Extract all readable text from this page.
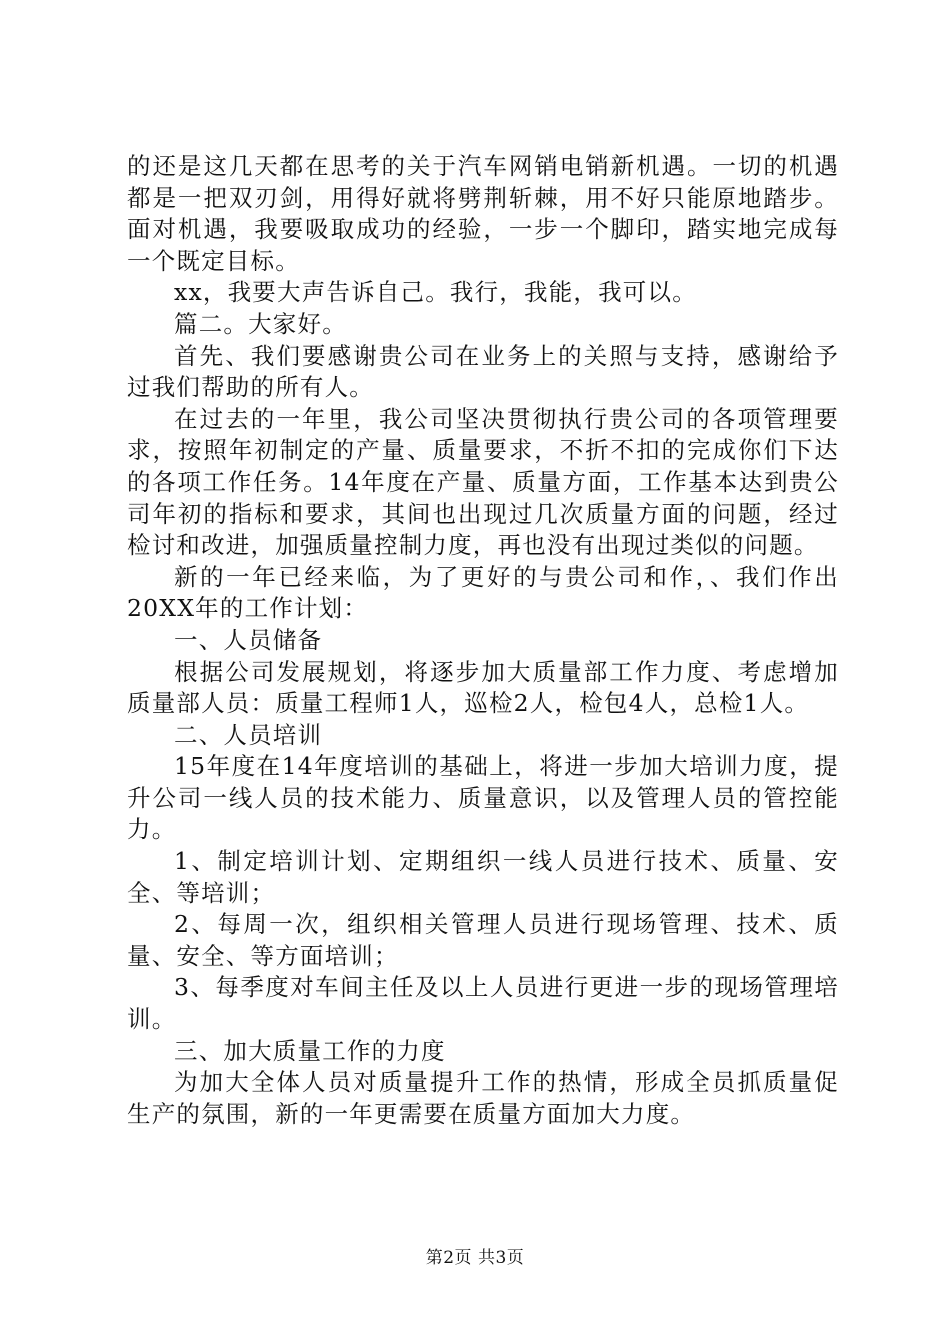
的还是这几天都在思考的关于汽车网销电销新机遇。一切的机遇都是一把双刃剑，用得好就将劈荆斩棘，用不好只能原地踏步。面对机遇，我要吸取成功的经验，一步一个脚印，踏实地完成每一个既定目标。

xx，我要大声告诉自己。我行，我能，我可以。

篇二。大家好。

首先、我们要感谢贵公司在业务上的关照与支持，感谢给予过我们帮助的所有人。

在过去的一年里，我公司坚决贯彻执行贵公司的各项管理要求，按照年初制定的产量、质量要求，不折不扣的完成你们下达的各项工作任务。14年度在产量、质量方面，工作基本达到贵公司年初的指标和要求，其间也出现过几次质量方面的问题，经过检讨和改进，加强质量控制力度，再也没有出现过类似的问题。

新的一年已经来临，为了更好的与贵公司和作，、我们作出20XX年的工作计划：

一、人员储备

根据公司发展规划，将逐步加大质量部工作力度、考虑增加质量部人员：质量工程师1人，巡检2人，检包4人，总检1人。

二、人员培训

15年度在14年度培训的基础上，将进一步加大培训力度，提升公司一线人员的技术能力、质量意识，以及管理人员的管控能力。

1、制定培训计划、定期组织一线人员进行技术、质量、安全、等培训；

2、每周一次，组织相关管理人员进行现场管理、技术、质量、安全、等方面培训；

3、每季度对车间主任及以上人员进行更进一步的现场管理培训。

三、加大质量工作的力度

为加大全体人员对质量提升工作的热情，形成全员抓质量促生产的氛围，新的一年更需要在质量方面加大力度。

第2页 共3页
